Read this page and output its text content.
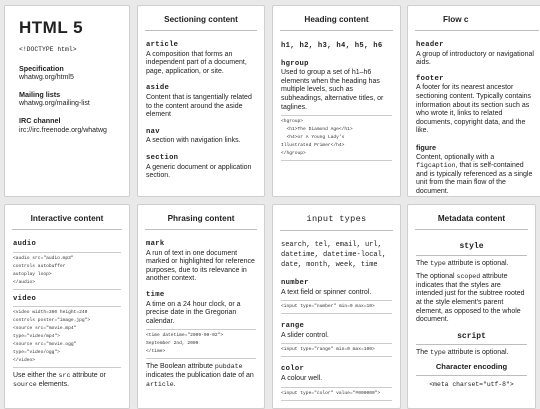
HTML 5
<!DOCTYPE html>
Specification
whatwg.org/html5
Mailing lists
whatwg.org/mailing-list
IRC channel
irc://irc.freenode.org/whatwg
Sectioning content
article
A composition that forms an independent part of a document, page, application, or site.
aside
Content that is tangentially related to the content around the aside element
nav
A section with navigation links.
section
A generic document or application section.
Heading content
h1, h2, h3, h4, h5, h6
hgroup
Used to group a set of h1–h6 elements when the heading has multiple levels, such as subheadings, alternative titles, or taglines.
<hgroup>
<h1>The Diamond Age</h1>
<h4>or A Young Lady's
Illustrated Primer</h4>
</hgroup>
Flow c
header
A group of introductory or navigational aids.
footer
A footer for its nearest ancestor sectioning content. Typically contains information about its section such as who wrote it, links to related documents, copyright data, and the like.
figure
Content, optionally with a figcaption, that is self-contained and is typically referenced as a single unit from the main flow of the document.
Interactive content
audio
<audio src="audio.mp3"
controls autobuffer
autoplay loop>
</audio>
video
<video width=360 height=240
controls poster="image.jpg">
<source src="movie.mp4"
type="video/mp4">
<source src="movie.ogg"
type="video/ogg">
</video>
Use either the src attribute or source elements.
Phrasing content
mark
A run of text in one document marked or highlighted for reference purposes, due to its relevance in another context.
time
A time on a 24 hour clock, or a precise date in the Gregorian calendar.
<time datetime="2009-09-02">
September 2nd, 2009
</time>
The Boolean attribute pubdate indicates the publication date of an article.
input types
search, tel, email, url, datetime, datetime-local, date, month, week, time
number
A text field or spinner control.
<input type="number" min=0 max=10>
range
A slider control.
<input type="range" min=0 max=100>
color
A colour well.
<input type="color" value="#000000">
Metadata content
style
The type attribute is optional.
The optional scoped attribute indicates that the styles are intended just for the subtree rooted at the style element's parent element, as opposed to the whole document.
script
The type attribute is optional.
Character encoding
<meta charset="utf-8">
